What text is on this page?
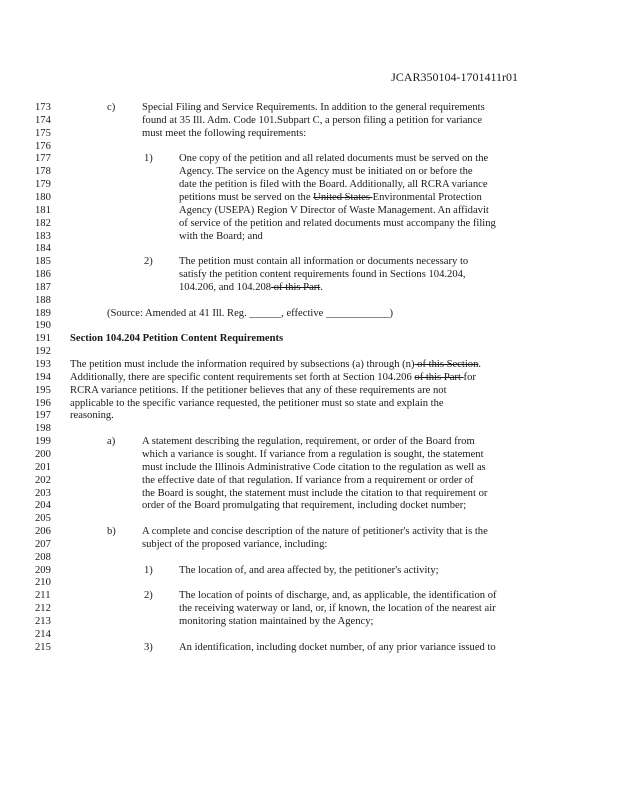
JCAR350104-1701411r01
173	c)	Special Filing and Service Requirements. In addition to the general requirements
174	found at 35 Ill. Adm. Code 101.Subpart C, a person filing a petition for variance
175	must meet the following requirements:
176
177	1) One copy of the petition and all related documents must be served on the
178	Agency. The service on the Agency must be initiated on or before the
179	date the petition is filed with the Board. Additionally, all RCRA variance
180	petitions must be served on the United States Environmental Protection
181	Agency (USEPA) Region V Director of Waste Management. An affidavit
182	of service of the petition and related documents must accompany the filing
183	with the Board; and
184
185	2) The petition must contain all information or documents necessary to
186	satisfy the petition content requirements found in Sections 104.204,
187	104.206, and 104.208 of this Part.
188
189	(Source: Amended at 41 Ill. Reg. ______, effective ____________)
190
191	Section 104.204 Petition Content Requirements
192
193	The petition must include the information required by subsections (a) through (n) of this Section.
194	Additionally, there are specific content requirements set forth at Section 104.206 of this Part for
195	RCRA variance petitions. If the petitioner believes that any of these requirements are not
196	applicable to the specific variance requested, the petitioner must so state and explain the
197	reasoning.
198
199	a)	A statement describing the regulation, requirement, or order of the Board from
200	which a variance is sought. If variance from a regulation is sought, the statement
201	must include the Illinois Administrative Code citation to the regulation as well as
202	the effective date of that regulation. If variance from a requirement or order of
203	the Board is sought, the statement must include the citation to that requirement or
204	order of the Board promulgating that requirement, including docket number;
205
206	b) A complete and concise description of the nature of petitioner's activity that is the
207	subject of the proposed variance, including:
208
209	1) The location of, and area affected by, the petitioner's activity;
210
211	2) The location of points of discharge, and, as applicable, the identification of
212	the receiving waterway or land, or, if known, the location of the nearest air
213	monitoring station maintained by the Agency;
214
215	3) An identification, including docket number, of any prior variance issued to
